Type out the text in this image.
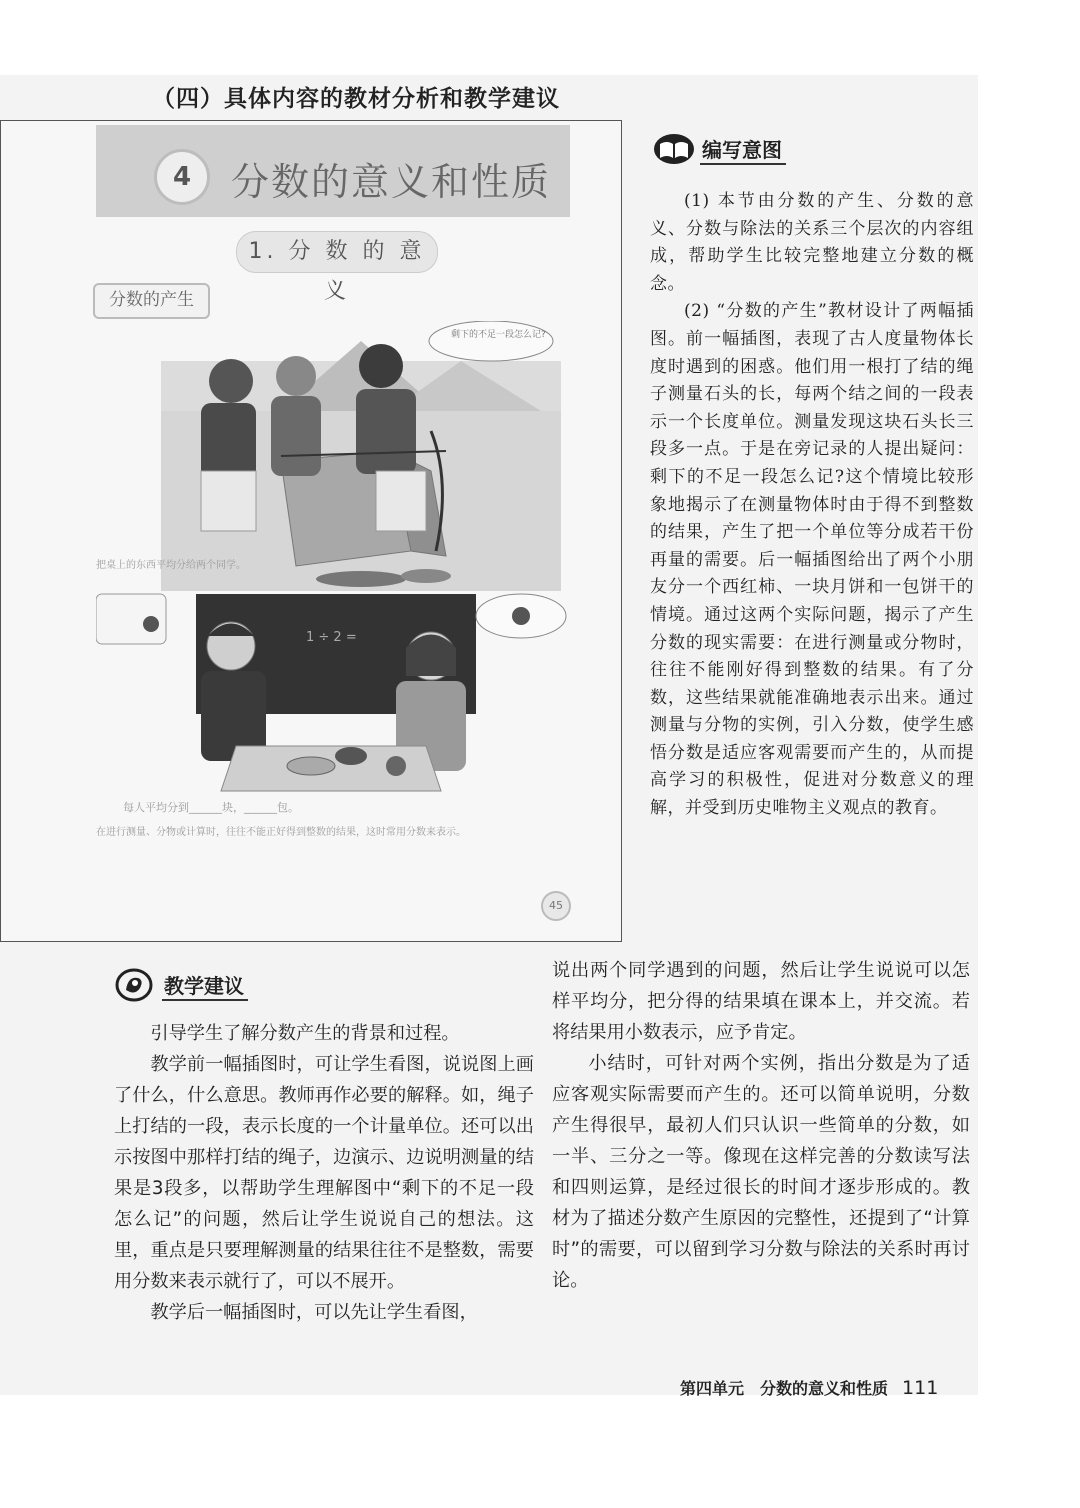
（四）具体内容的教材分析和教学建议
4	分数的意义和性质
1. 分 数 的 意 义
分数的产生
剩下的不足一段怎么记?
把桌上的东西平均分给两个同学。
1 ÷ 2 =
每人平均分到______块，______包。
在进行测量、分物或计算时，往往不能正好得到整数的结果，这时常用分数来表示。
45
编写意图

(1) 本节由分数的产生、分数的意义、分数与除法的关系三个层次的内容组成，帮助学生比较完整地建立分数的概念。

(2) “分数的产生”教材设计了两幅插图。前一幅插图，表现了古人度量物体长度时遇到的困惑。他们用一根打了结的绳子测量石头的长，每两个结之间的一段表示一个长度单位。测量发现这块石头长三段多一点。于是在旁记录的人提出疑问：剩下的不足一段怎么记?这个情境比较形象地揭示了在测量物体时由于得不到整数的结果，产生了把一个单位等分成若干份再量的需要。后一幅插图给出了两个小朋友分一个西红柿、一块月饼和一包饼干的情境。通过这两个实际问题，揭示了产生分数的现实需要：在进行测量或分物时，往往不能刚好得到整数的结果。有了分数，这些结果就能准确地表示出来。通过测量与分物的实例，引入分数，使学生感悟分数是适应客观需要而产生的，从而提高学习的积极性，促进对分数意义的理解，并受到历史唯物主义观点的教育。

教学建议

引导学生了解分数产生的背景和过程。

教学前一幅插图时，可让学生看图，说说图上画了什么，什么意思。教师再作必要的解释。如，绳子上打结的一段，表示长度的一个计量单位。还可以出示按图中那样打结的绳子，边演示、边说明测量的结果是3段多，以帮助学生理解图中“剩下的不足一段怎么记”的问题，然后让学生说说自己的想法。这里，重点是只要理解测量的结果往往不是整数，需要用分数来表示就行了，可以不展开。

教学后一幅插图时，可以先让学生看图，

说出两个同学遇到的问题，然后让学生说说可以怎样平均分，把分得的结果填在课本上，并交流。若将结果用小数表示，应予肯定。

小结时，可针对两个实例，指出分数是为了适应客观实际需要而产生的。还可以简单说明，分数产生得很早，最初人们只认识一些简单的分数，如一半、三分之一等。像现在这样完善的分数读写法和四则运算，是经过很长的时间才逐步形成的。教材为了描述分数产生原因的完整性，还提到了“计算时”的需要，可以留到学习分数与除法的关系时再讨论。

第四单元　分数的意义和性质 111
